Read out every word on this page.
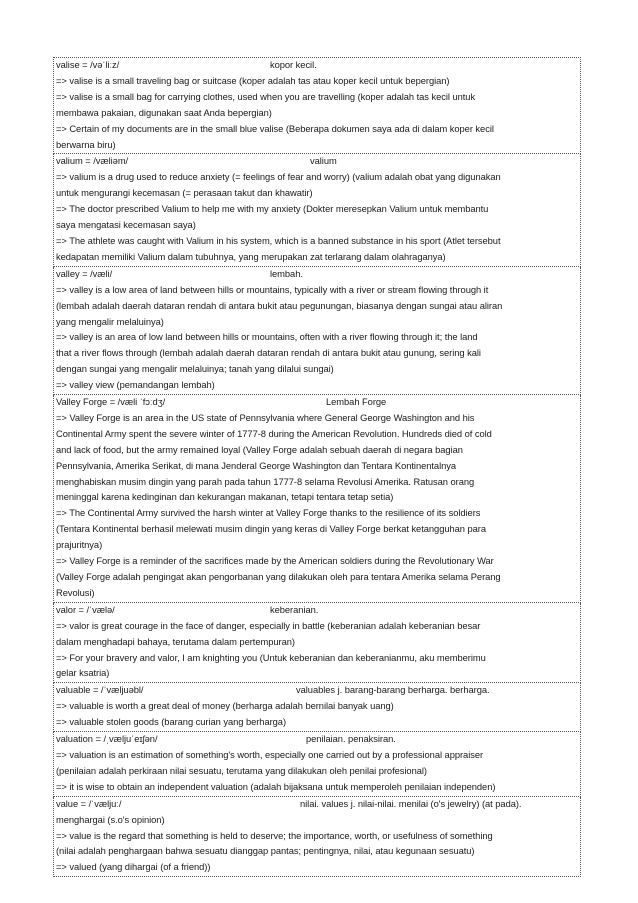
valise = /vəˈliːz/	kopor kecil.
=> valise is a small traveling bag or suitcase (koper adalah tas atau koper kecil untuk bepergian)
=> valise is a small bag for carrying clothes, used when you are travelling (koper adalah tas kecil untuk
membawa pakaian, digunakan saat Anda bepergian)
=> Certain of my documents are in the small blue valise (Beberapa dokumen saya ada di dalam koper kecil
berwarna biru)
valium = /væliəm/	valium
=> valium is a drug used to reduce anxiety (= feelings of fear and worry) (valium adalah obat yang digunakan
untuk mengurangi kecemasan (= perasaan takut dan khawatir)
=> The doctor prescribed Valium to help me with my anxiety (Dokter meresepkan Valium untuk membantu
saya mengatasi kecemasan saya)
=> The athlete was caught with Valium in his system, which is a banned substance in his sport (Atlet tersebut
kedapatan memiliki Valium dalam tubuhnya, yang merupakan zat terlarang dalam olahraganya)
valley = /væli/	lembah.
=> valley is a low area of land between hills or mountains, typically with a river or stream flowing through it
(lembah adalah daerah dataran rendah di antara bukit atau pegunungan, biasanya dengan sungai atau aliran
yang mengalir melaluinya)
=> valley is an area of low land between hills or mountains, often with a river flowing through it; the land
that a river flows through (lembah adalah daerah dataran rendah di antara bukit atau gunung, sering kali
dengan sungai yang mengalir melaluinya; tanah yang dilalui sungai)
=> valley view (pemandangan lembah)
Valley Forge = /væli ˈfɔːdʒ/	Lembah Forge
=> Valley Forge is an area in the US state of Pennsylvania where General George Washington and his
Continental Army spent the severe winter of 1777-8 during the American Revolution. Hundreds died of cold
and lack of food, but the army remained loyal (Valley Forge adalah sebuah daerah di negara bagian
Pennsylvania, Amerika Serikat, di mana Jenderal George Washington dan Tentara Kontinentalnya
menghabiskan musim dingin yang parah pada tahun 1777-8 selama Revolusi Amerika. Ratusan orang
meninggal karena kedinginan dan kekurangan makanan, tetapi tentara tetap setia)
=> The Continental Army survived the harsh winter at Valley Forge thanks to the resilience of its soldiers
(Tentara Kontinental berhasil melewati musim dingin yang keras di Valley Forge berkat ketangguhan para
prajuritnya)
=> Valley Forge is a reminder of the sacrifices made by the American soldiers during the Revolutionary War
(Valley Forge adalah pengingat akan pengorbanan yang dilakukan oleh para tentara Amerika selama Perang
Revolusi)
valor = /ˈvælə/	keberanian.
=> valor is great courage in the face of danger, especially in battle (keberanian adalah keberanian besar
dalam menghadapi bahaya, terutama dalam pertempuran)
=> For your bravery and valor, I am knighting you (Untuk keberanian dan keberanianmu, aku memberimu
gelar ksatria)
valuable = /ˈvæljuəbl/	valuables j. barang-barang berharga. berharga.
=> valuable is worth a great deal of money (berharga adalah bernilai banyak uang)
=> valuable stolen goods (barang curian yang berharga)
valuation = /ˌvæljuˈeɪʃən/	penilaian. penaksiran.
=> valuation is an estimation of something's worth, especially one carried out by a professional appraiser
(penilaian adalah perkiraan nilai sesuatu, terutama yang dilakukan oleh penilai profesional)
=> it is wise to obtain an independent valuation (adalah bijaksana untuk memperoleh penilaian independen)
value = /ˈvæljuː/	nilai. values j. nilai-nilai. menilai (o's jewelry) (at pada).
menghargai (s.o's opinion)
=> value is the regard that something is held to deserve; the importance, worth, or usefulness of something
(nilai adalah penghargaan bahwa sesuatu dianggap pantas; pentingnya, nilai, atau kegunaan sesuatu)
=> valued (yang dihargai (of a friend))
